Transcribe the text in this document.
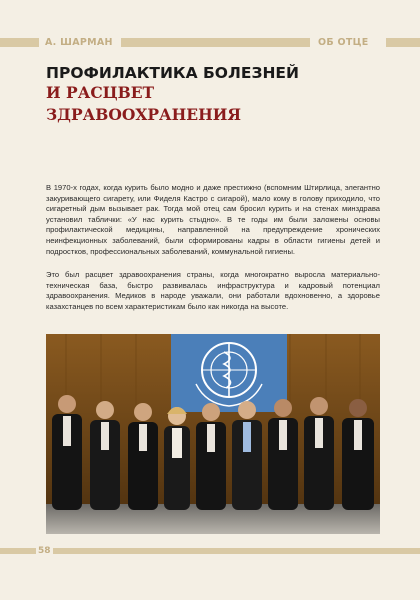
А. ШАРМАН	ОБ ОТЦЕ
ПРОФИЛАКТИКА БОЛЕЗНЕЙ
И РАСЦВЕТ
ЗДРАВООХРАНЕНИЯ

В 1970-х годах, когда курить было модно и даже престижно (вспомним Штирлица, элегантно закуривающего сигарету, или Фиделя Кастро с сигарой), мало кому в голову приходило, что сигаретный дым вызывает рак. Тогда мой отец сам бросил курить и на стенах минздрава установил таблички: «У нас курить стыдно». В те годы им были заложены основы профилактической медицины, направленной на предупреждение хронических неинфекционных заболеваний, были сформированы кадры в области гигиены детей и подростков, профессиональных заболеваний, коммунальной гигиены.

Это был расцвет здравоохранения страны, когда многократно выросла материально-техническая база, быстро развивалась инфраструктура и кадровый потенциал здравоохранения. Медиков в народе уважали, они работали вдохновенно, а здоровье казахстанцев по всем характеристикам было как никогда на высоте.

58
